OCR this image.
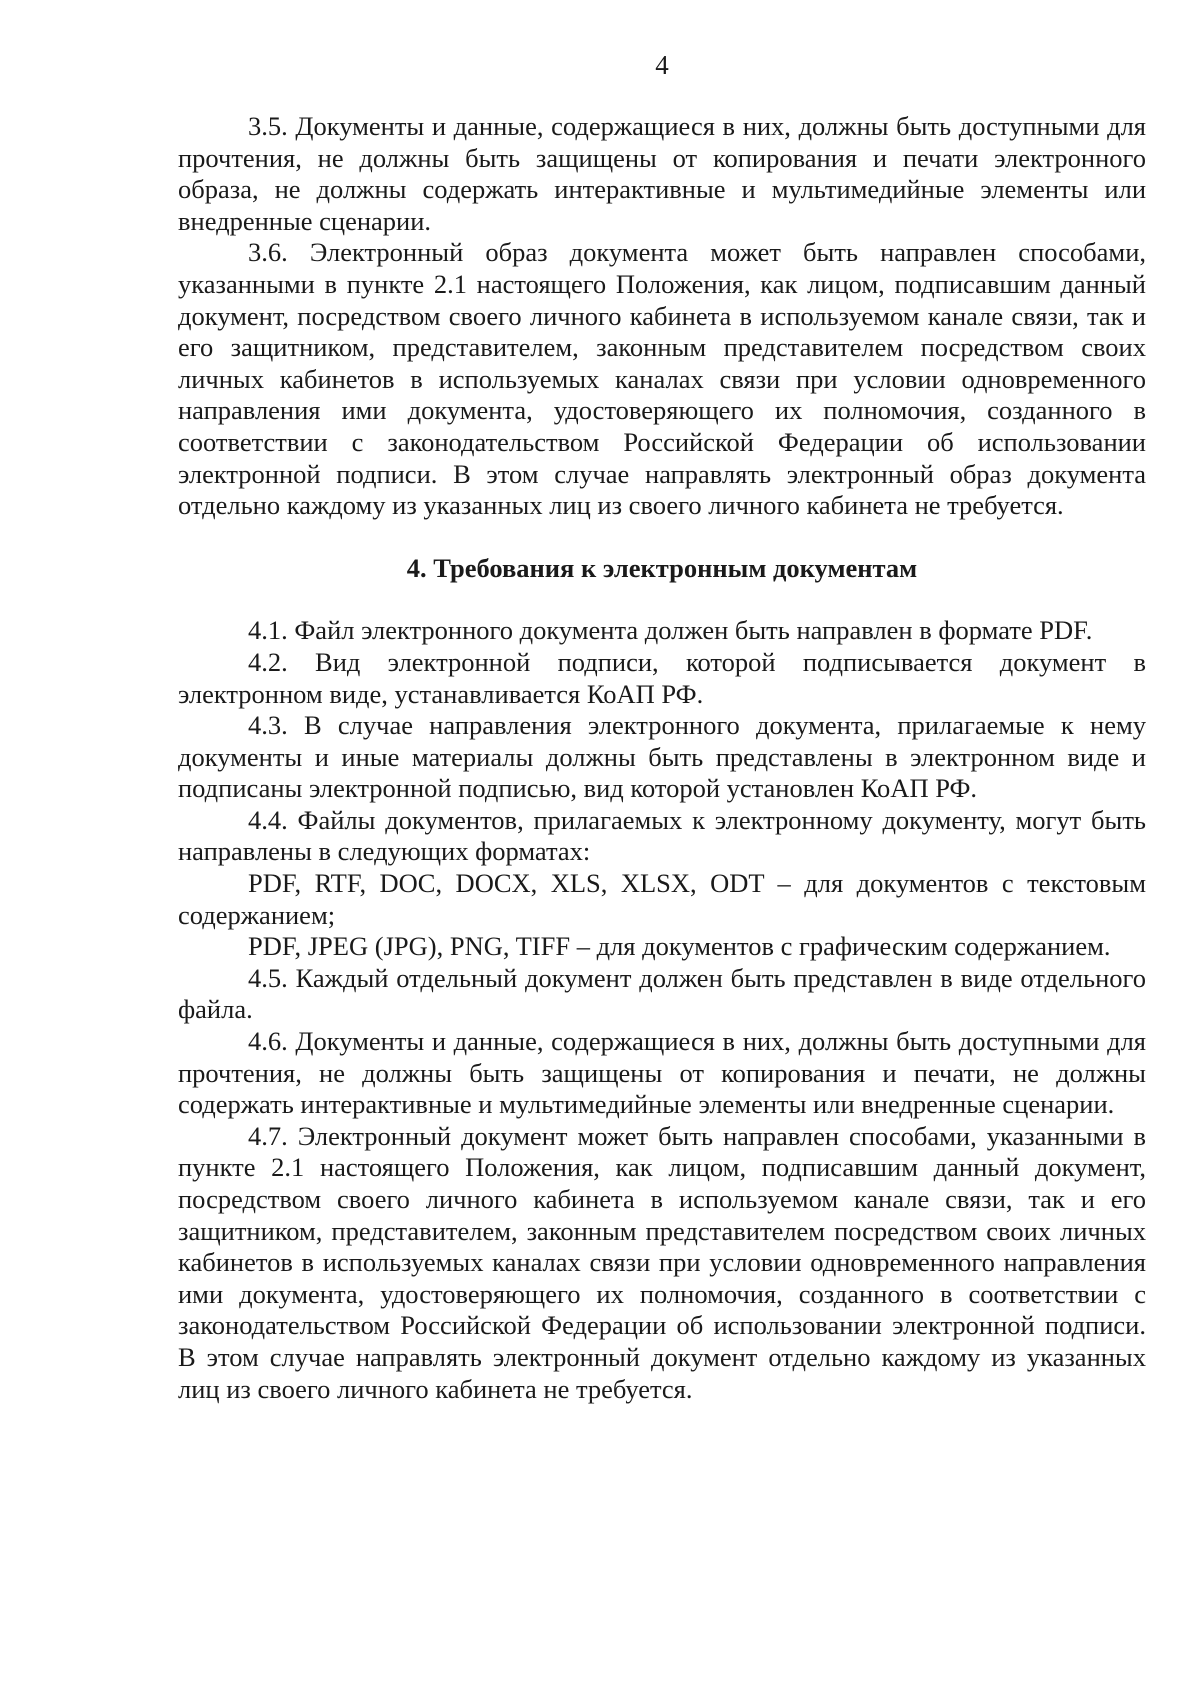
4

3.5. Документы и данные, содержащиеся в них, должны быть доступными для прочтения, не должны быть защищены от копирования и печати электронного образа, не должны содержать интерактивные и мультимедийные элементы или внедренные сценарии.

3.6. Электронный образ документа может быть направлен способами, указанными в пункте 2.1 настоящего Положения, как лицом, подписавшим данный документ, посредством своего личного кабинета в используемом канале связи, так и его защитником, представителем, законным представителем посредством своих личных кабинетов в используемых каналах связи при условии одновременного направления ими документа, удостоверяющего их полномочия, созданного в соответствии с законодательством Российской Федерации об использовании электронной подписи. В этом случае направлять электронный образ документа отдельно каждому из указанных лиц из своего личного кабинета не требуется.

4. Требования к электронным документам

4.1. Файл электронного документа должен быть направлен в формате PDF.

4.2. Вид электронной подписи, которой подписывается документ в электронном виде, устанавливается КоАП РФ.

4.3. В случае направления электронного документа, прилагаемые к нему документы и иные материалы должны быть представлены в электронном виде и подписаны электронной подписью, вид которой установлен КоАП РФ.

4.4. Файлы документов, прилагаемых к электронному документу, могут быть направлены в следующих форматах:

PDF, RTF, DOC, DOCX, XLS, XLSX, ODT – для документов с текстовым содержанием;

PDF, JPEG (JPG), PNG, TIFF – для документов с графическим содержанием.

4.5. Каждый отдельный документ должен быть представлен в виде отдельного файла.

4.6. Документы и данные, содержащиеся в них, должны быть доступными для прочтения, не должны быть защищены от копирования и печати, не должны содержать интерактивные и мультимедийные элементы или внедренные сценарии.

4.7. Электронный документ может быть направлен способами, указанными в пункте 2.1 настоящего Положения, как лицом, подписавшим данный документ, посредством своего личного кабинета в используемом канале связи, так и его защитником, представителем, законным представителем посредством своих личных кабинетов в используемых каналах связи при условии одновременного направления ими документа, удостоверяющего их полномочия, созданного в соответствии с законодательством Российской Федерации об использовании электронной подписи. В этом случае направлять электронный документ отдельно каждому из указанных лиц из своего личного кабинета не требуется.
